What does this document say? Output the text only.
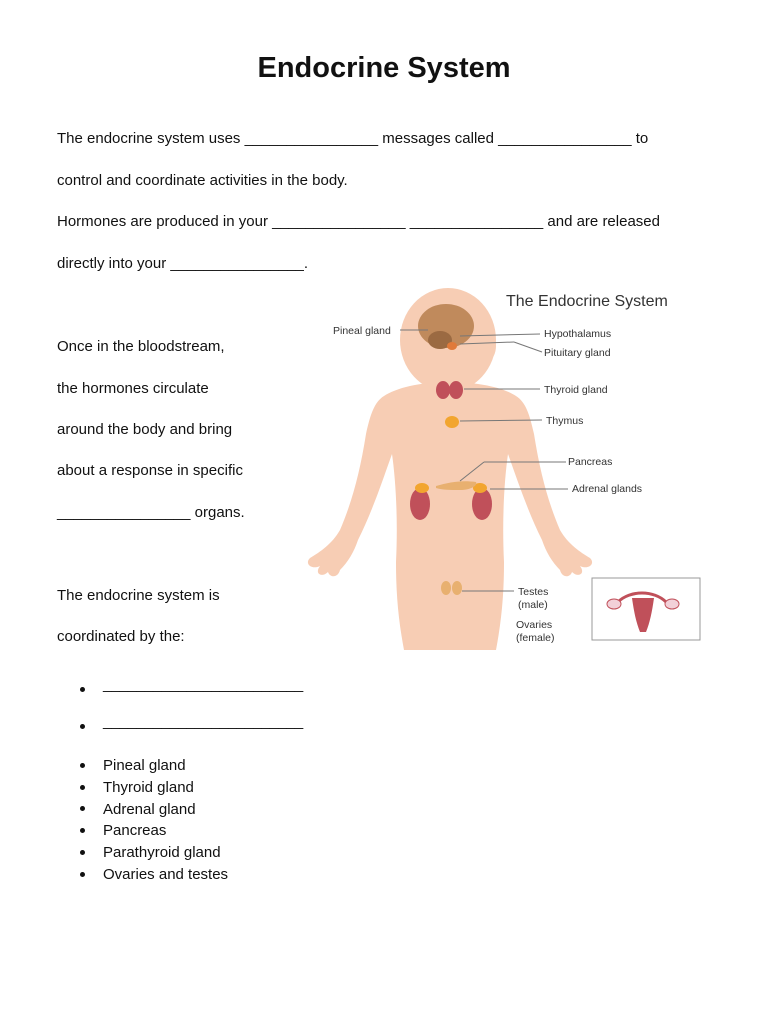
Endocrine System
The endocrine system uses ________________ messages called ________________ to
control and coordinate activities in the body.
Hormones are produced in your ________________ ________________ and are released
directly into your ________________.
Once in the bloodstream,
the hormones circulate
around the body and bring
about a response in specific
________________ organs.
The endocrine system is
coordinated by the:
________________________
________________________
Pineal gland
Thyroid gland
Adrenal gland
Pancreas
Parathyroid gland
Ovaries and testes
The Endocrine System
Pineal gland	Hypothalamus
Pituitary gland
Thyroid gland
Thymus
Pancreas
Adrenal glands
Testes
(male)
Ovaries
(female)
